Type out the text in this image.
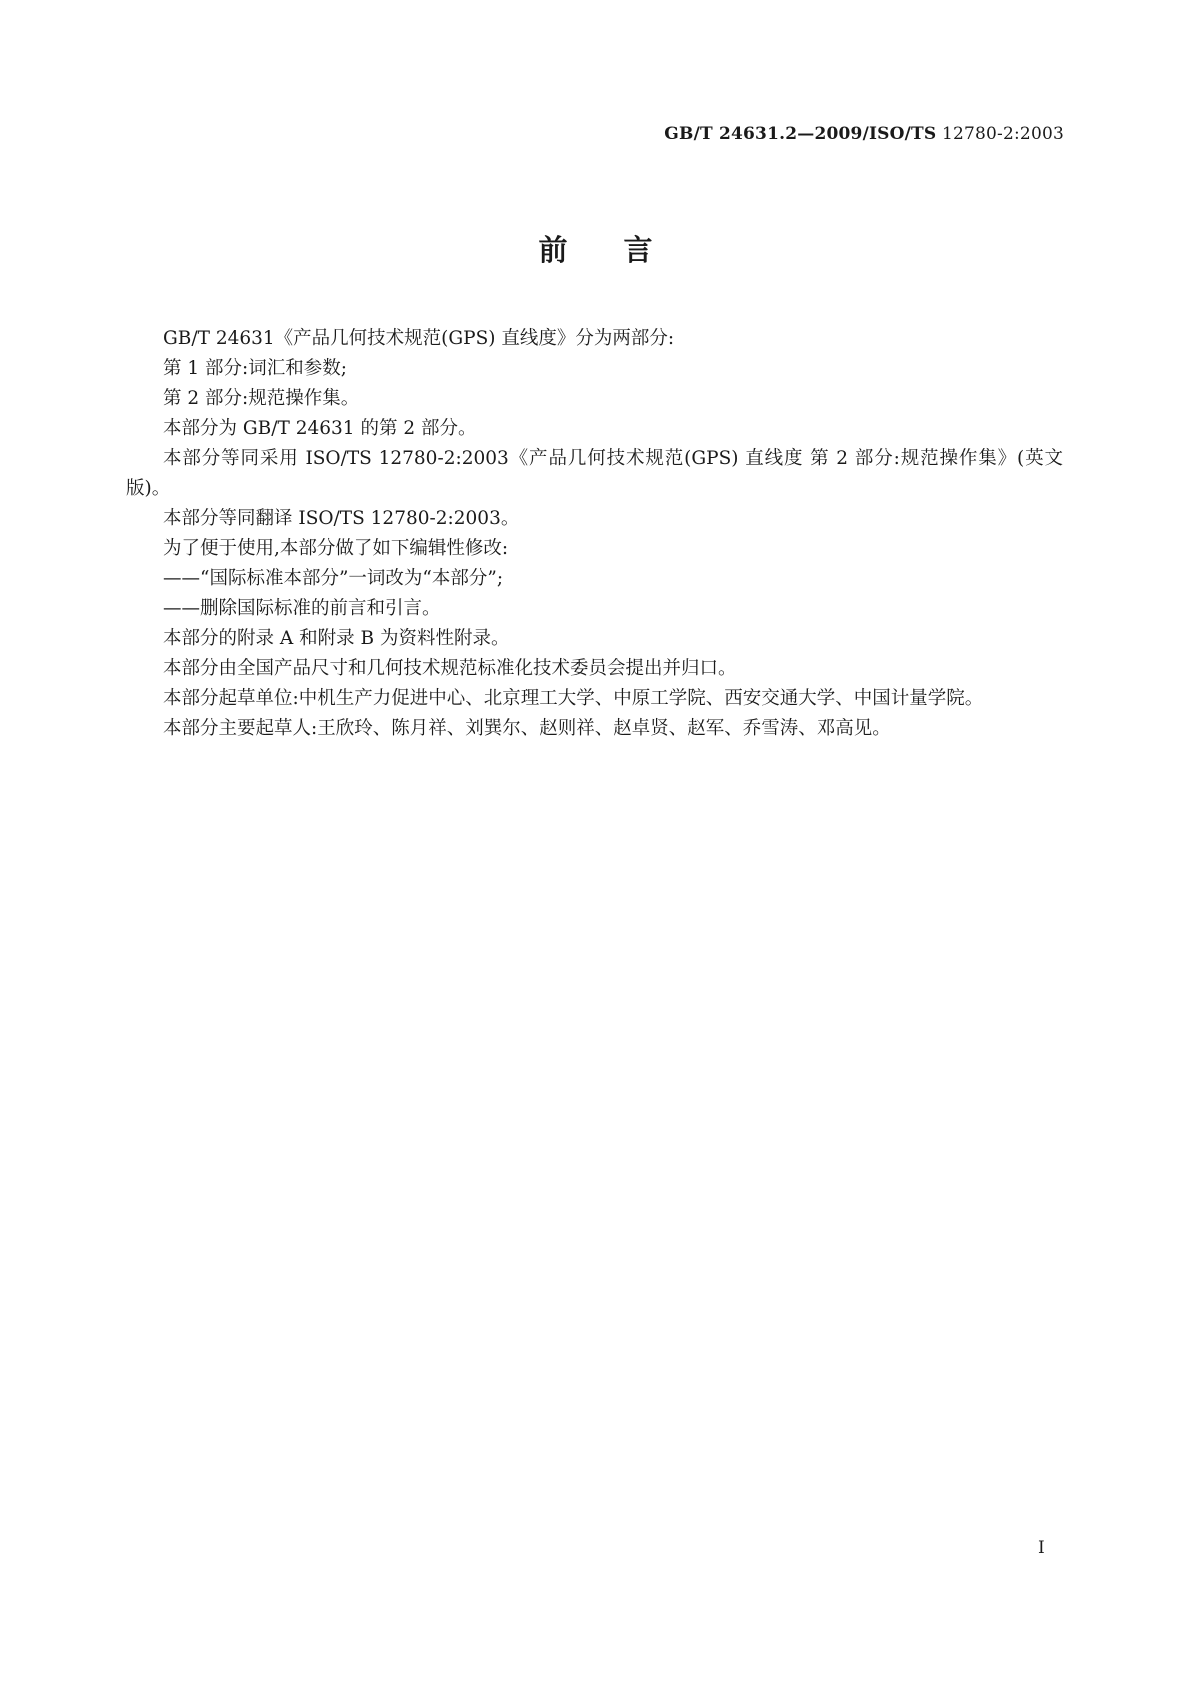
GB/T 24631.2—2009/ISO/TS 12780-2:2003
前言

GB/T 24631《产品几何技术规范(GPS) 直线度》分为两部分:

第 1 部分:词汇和参数;

第 2 部分:规范操作集。

本部分为 GB/T 24631 的第 2 部分。

本部分等同采用 ISO/TS 12780-2:2003《产品几何技术规范(GPS) 直线度 第 2 部分:规范操作集》(英文版)。

本部分等同翻译 ISO/TS 12780-2:2003。

为了便于使用,本部分做了如下编辑性修改:

——“国际标准本部分”一词改为“本部分”;

——删除国际标准的前言和引言。

本部分的附录 A 和附录 B 为资料性附录。

本部分由全国产品尺寸和几何技术规范标准化技术委员会提出并归口。

本部分起草单位:中机生产力促进中心、北京理工大学、中原工学院、西安交通大学、中国计量学院。

本部分主要起草人:王欣玲、陈月祥、刘巽尔、赵则祥、赵卓贤、赵军、乔雪涛、邓高见。

I
